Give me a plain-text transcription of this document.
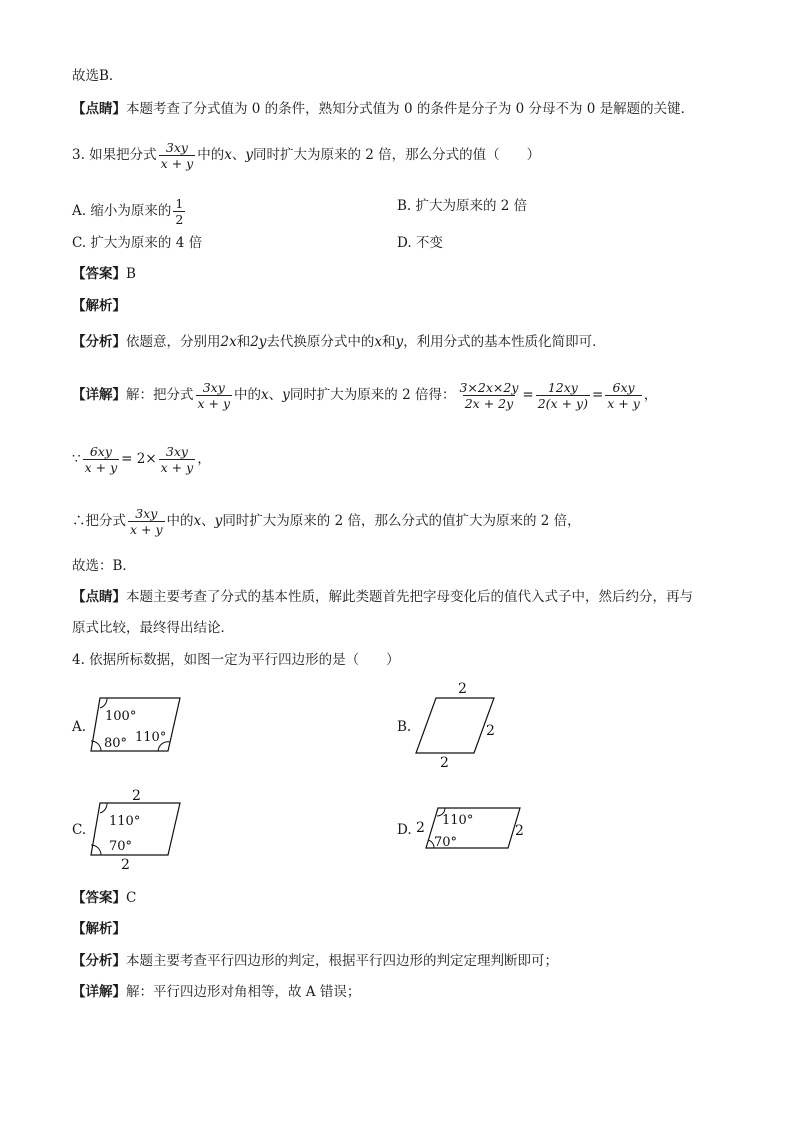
故选B．
【点睛】本题考查了分式值为 0 的条件，熟知分式值为 0 的条件是分子为 0 分母不为 0 是解题的关键．
3. 如果把分式 $\frac{3xy}{x + y}$ 中的x、y同时扩大为原来的 2 倍，那么分式的值（　　）
A. 缩小为原来的 $\frac{1}{2}$	B. 扩大为原来的 2 倍
C. 扩大为原来的 4 倍	D. 不变
【答案】B
【解析】
【分析】依题意，分别用2x和2y去代换原分式中的x和y，利用分式的基本性质化简即可．
【详解】解：把分式 $\frac{3xy}{x + y}$ 中的x、y同时扩大为原来的 2 倍得： $\frac{3\times 2x\times 2y}{2x + 2y} = \frac{12xy}{2(x + y)} = \frac{6xy}{x + y}$ ，
∵ $\frac{6xy}{x + y} = 2\times \frac{3xy}{x + y}$ ，
∴把分式 $\frac{3xy}{x + y}$ 中的x、y同时扩大为原来的 2 倍，那么分式的值扩大为原来的 2 倍，
故选：B．
【点睛】本题主要考查了分式的基本性质，解此类题首先把字母变化后的值代入式子中，然后约分，再与
原式比较，最终得出结论．
4. 依据所标数据，如图一定为平行四边形的是（　　）
A.
100°
80° 110°
B.
2
2
2
C.
2
110°
70°
2
D. 2 110°
70°
2
【答案】C
【解析】
【分析】本题主要考查平行四边形的判定，根据平行四边形的判定定理判断即可；
【详解】解：平行四边形对角相等，故 A 错误；
